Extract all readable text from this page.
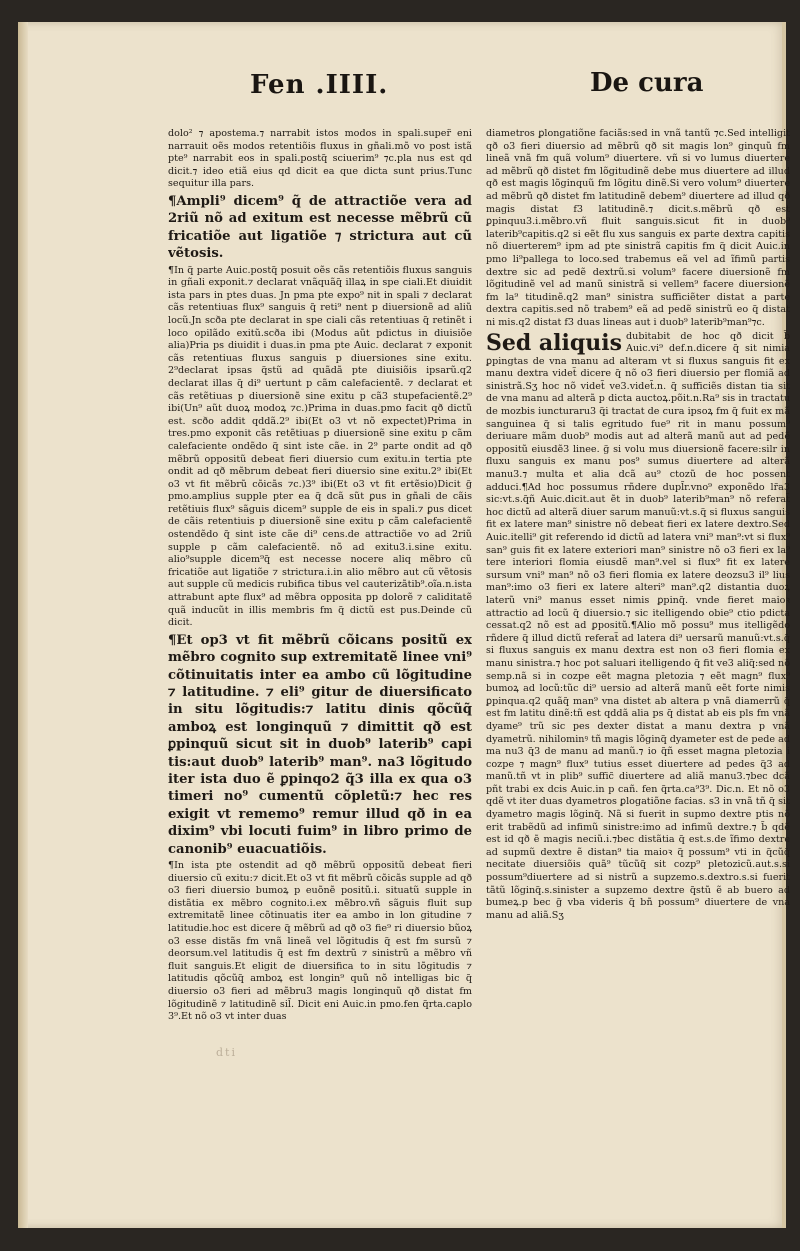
Fen .IIII.	De cura

dolo² ⁊ apostema.⁊ narrabit istos modos in spali.super̈ eni narrauit oẽs modos retentiõis fluxus in gñali.mõ vo post istã pte⁹ narrabit eos in spali.postq̃ sciuerim⁹ ⁊c.pla nus est qd dicit.⁊ ideo etiã eius qd dicit ea que dicta sunt prius.Tunc sequitur illa pars.

¶Ampli⁹ dicem⁹ q̃ de attractiõe vera ad 2riũ nõ ad exitum est necesse mẽbrũ cũ fricatiõe aut ligatiõe ⁊ strictura aut cũ vẽtosis.

¶In q̃ parte Auic.postq̃ posuit oẽs cãs retentiõis fluxus sanguis in gñali exponit.⁊ declarat vnãquãq̃ illaꝝ in spe ciali.Et diuidit ista pars in ptes duas. Jn pma pte expo⁹ nit in spali ⁊ declarat cãs retentiuas flux⁹ sanguis q̃ reti⁹ nent p diuersionẽ ad aliũ locũ.Jn scða pte declarat in spe ciali cãs retentiuas q̃ retinẽt i loco opilãdo exitũ.scða ibi (Modus aũt pdictus in diuisiõe alia)Pria ps diuidit i duas.in pma pte Auic. declarat ⁊ exponit cãs retentiuas fluxus sanguis p diuersiones sine exitu. 2⁹declarat ipsas q̃stũ ad quãdã pte diuisiõis ipsarũ.q2 declarat illas q̃ di⁹ uertunt p cãm calefacientẽ. ⁊ declarat et cãs retẽtiuas p diuersionẽ sine exitu p cã3 stupefacientẽ.2⁹ ibi(Un⁹ aũt duoꝝ modoꝝ ⁊c.)Prima in duas.pmo facit qð dictũ est. scðo addit qddã.2⁹ ibi(Et o3 vt nõ expectet)Prima in tres.pmo exponit cãs retẽtiuas p diuersionẽ sine exitu p cãm calefaciente ondẽdo q̃ sint iste cãe. in 2⁹ parte ondit ad qð mẽbrũ oppositũ debeat fieri diuersio cum exitu.in tertia pte ondit ad qð mẽbrum debeat fieri diuersio sine exitu.2⁹ ibi(Et o3 vt fit mẽbrũ cõicãs ⁊c.)3⁹ ibi(Et o3 vt fit ertẽsio)Dicit g̃ pmo.amplius supple pter ea q̃ dcã sũt ꝑus in gñali de cãis retẽtiuis flux⁹ sãguis dicem⁹ supple de eis in spali.⁊ ꝑus dicet de cãis retentiuis p diuersionẽ sine exitu p cãm calefacientẽ ostendẽdo q̃ sint iste cãe di⁹ cens.de attractiõe vo ad 2riũ supple p cãm calefacientẽ. nõ ad exitu3.i.sine exitu. alio⁹supple dicem⁹q̃ est necesse nocere aliq mẽbro cũ fricatiõe aut ligatiõe ⁊ strictura.i.in alio mẽbro aut cũ vẽtosis aut supple cũ medicis rubifica tibus vel cauterizãtib⁹.oĩa.n.ista attrabunt apte flux⁹ ad mẽbra opposita pp dolorẽ ⁊ caliditatẽ quã inducũt in illis membris fm q̃ dictũ est pus.Deinde cũ dicit.

¶Et op3 vt fit mẽbrũ cõicans positũ ex mẽbro cognito sup extremitatẽ linee vni⁹ cõtinuitatis inter ea ambo cũ lõgitudine ⁊ latitudine. ⁊ eli⁹ gitur de diuersificato in situ lõgitudis:⁊ latitu dinis qõcũq̃ amboꝝ est longinquũ ⁊ dimittit qð est ꝑpinquũ sicut sit in duob⁹ laterib⁹ capi tis:aut duob⁹ laterib⁹ man⁹. na3 lõgitudo iter ista duo ẽ ꝑpinqo2 q̃3 illa ex qua o3 timeri no⁹ cumentũ cõpletũ:⁊ hec res exigit vt rememo⁹ remur illud qð in ea dixim⁹ vbi locuti fuim⁹ in libro primo de canonib⁹ euacuatiõis.

¶In ista pte ostendit ad qð mẽbrũ oppositũ debeat fieri diuersio cũ exitu:⁊ dicit.Et o3 vt fit mẽbrũ cõicãs supple ad qð o3 fieri diuersio bumoꝝ p euõnẽ positũ.i. situatũ supple in distãtia ex mẽbro cognito.i.ex mẽbro.vñ sãguis fluit sup extremitatẽ linee cõtinuatis iter ea ambo in lon gitudine ⁊ latitudie.hoc est dicere q̃ mẽbrũ ad qð o3 fie⁹ ri diuersio bũoꝝ o3 esse distãs fm vnã lineã vel lõgitudis q̃ est fm sursũ ⁊ deorsum.vel latitudis q̃ est fm dextrũ ⁊ sinistrũ a mẽbro vñ fluit sanguis.Et eligit de diuersifica to in situ lõgitudis ⁊ latitudis qõcũq̃ amboꝝ est longin⁹ quũ nõ intelligas bic q̃ diuersio o3 fieri ad mẽbru3 magis longinquũ qð distat fm lõgitudinẽ ⁊ latitudinẽ sil̃. Dicit eni Auic.in pmo.fen q̃rta.caplo 3⁹.Et nõ o3 vt inter duas

diametros ꝑlongatiõne faciãs:sed in vnã tantũ ⁊c.Sed intelligit qð o3 fieri diuersio ad mẽbrũ qð sit magis lon⁹ ginquũ fm lineã vnã fm quã volum⁹ diuertere. vñ si vo lumus diuertere ad mẽbrũ qð distet fm lõgitudinẽ debe mus diuertere ad illud qð est magis lõginquũ fm lõgitu dinẽ.Si vero volum⁹ diuertere ad mẽbrũ qð distet fm latitudinẽ debem⁹ diuertere ad illud qð magis distat f3 latitudinẽ.⁊ dicit.s.mẽbrũ qð est ꝑpinquu3.i.mẽbro.vñ fluit sanguis.sicut fit in duob⁹ laterib⁹capitis.q2 si eẽt flu xus sanguis ex parte dextra capitis nõ diuerterem⁹ ipm ad pte sinistrã capitis fm q̃ dicit Auic.in pmo li⁹pallega to loco.sed trabemus eã vel ad ĩfimũ partis dextre sic ad pedẽ dextrũ.si volum⁹ facere diuersionẽ fm lõgitudinẽ vel ad manũ sinistrã si vellem⁹ facere diuersionẽ fm la⁹ titudinẽ.q2 man⁹ sinistra sufficiẽter distat a parte dextra capitis.sed nõ trabem⁹ eã ad pedẽ sinistrũ eo q̃ distat ni mis.q2 distat f3 duas lineas aut i duob⁹ laterib⁹man⁹⁊c.

Sed aliquis dubitabit de hoc qð dicit b̃ Auic.vi⁹ def.n.dicere q̃ sit nimia ꝑpingtas de vna manu ad alteram vt si fluxus sanguis fit ex manu dextra videt̃ dicere q̃ nõ o3 fieri diuersio per flomiã ad sinistrã.Sʒ hoc nõ videt̃ ve3.videt̃.n. q̃ sufficiẽs distan tia sit de vna manu ad alterã p dicta auctoꝝ.põit.n.Ra⁹ sis in tractatu de mozbis iuncturaru3 q̃i tractat de cura ipsoꝝ fm q̃ fuit ex mã sanguinea q̃ si talis egritudo fue⁹ rit in manu possum⁹ deriuare mãm duob⁹ modis aut ad alterã manũ aut ad pedẽ oppositũ eiusdẽ3 linee. g̃ si volu mus diuersionẽ facere:silr in fluxu sanguis ex manu pos⁹ sumus diuertere ad alterã manu3.⁊ multa et alia dcã au⁹ ctozũ de hoc possent adduci.¶Ad hoc possumus rñdere dupl̃r.vno⁹ exponẽdo lr̃a3 sic:vt.s.q̃ñ Auic.dicit.aut ẽt in duob⁹ laterib⁹man⁹ nõ referat̃ hoc dictũ ad alterã diuer sarum manuũ:vt.s.q̃ si fluxus sanguis fit ex latere man⁹ sinistre nõ debeat fieri ex latere dextro.Sed Auic.itelli⁹ git referendo id dictũ ad latera vni⁹ man⁹:vt si flux⁹ san⁹ guis fit ex latere exteriori man⁹ sinistre nõ o3 fieri ex la⁹ tere interiori flomia eiusdẽ man⁹.vel si flux⁹ fit ex latere sursum vni⁹ man⁹ nõ o3 fieri flomia ex latere deozsu3 il⁹ lius man⁹:imo o3 fieri ex latere alteri⁹ man⁹.q2 distantia duoꝝ laterũ vni⁹ manus esset nimis ꝑpinq̃. vnde fieret maioꝛ attractio ad locũ q̃ diuersio.⁊ sic itelligendo obie⁹ ctio pdicta cessat.q2 nõ est ad ꝑpositũ.¶Alio mõ possu⁹ mus itelligẽdo rñdere q̃ illud dictũ referat̃ ad latera di⁹ uersarũ manuũ:vt.s.q̃ si fluxus sanguis ex manu dextra est non o3 fieri flomia ex manu sinistra.⁊ hoc pot saluari itelligendo q̃ fit ve3 aliq̃:sed nõ semp.nã si in cozpe eẽt magna pletozia ⁊ eẽt magn⁹ flux⁹ bumoꝝ ad locũ:tũc di⁹ uersio ad alterã manũ eẽt forte nimis ꝑpinqua.q2 quãq̃ man⁹ vna distet ab altera p vnã diamerrũ q̃ est fm latitu dinẽ:tñ est qddã alia ps q̃ distat ab eis pls fm vnã dyame⁹ trũ sic pes dexter distat a manu dextra p vnã dyametrũ. nihilominꝰ tñ magis lõginq̃ dyameter est de pede ad ma nu3 q̃3 de manu ad manũ.⁊ io q̃ñ esset magna pletozia i cozpe ⁊ magn⁹ flux⁹ tutius esset diuertere ad pedes q̃3 ad manũ.tñ vt in plib⁹ suffic̃ diuertere ad aliã manu3.⁊bec dcã pñt trabi ex dcis Auic.in p cañ. fen q̃rta.ca⁹3⁹. Dic.n. Et nõ o3 qdẽ vt iter duas dyametros ꝑlogatiõne facias. s3 in vnã tñ q̃ sit dyametro magis lõginq̃. Nã si fuerit in supmo dextre ptis nõ erit trabẽdũ ad infimũ sinistre:imo ad infimũ dextre.⁊ b̃ qdẽ est id qð ẽ magis neciũ.i.⁊bec distãtia q̃ est.s.de ĩfimo dextre ad supmũ dextre ẽ distan⁹ tia maioꝛ q̃ possum⁹ vti in q̃cũq̃ necitate diuersiõis quã⁹ tũcũq̃ sit cozp⁹ pletozicũ.aut.s.si possum⁹diuertere ad si nistrũ a supzemo.s.dextro.s.si fuerit tãtũ lõginq̃.s.sinister a supzemo dextre q̃stũ ẽ ab buero ad bumeꝝ.p bec g̃ vba videris q̃ bñ possum⁹ diuertere de vna manu ad aliã.Sʒ

dti
